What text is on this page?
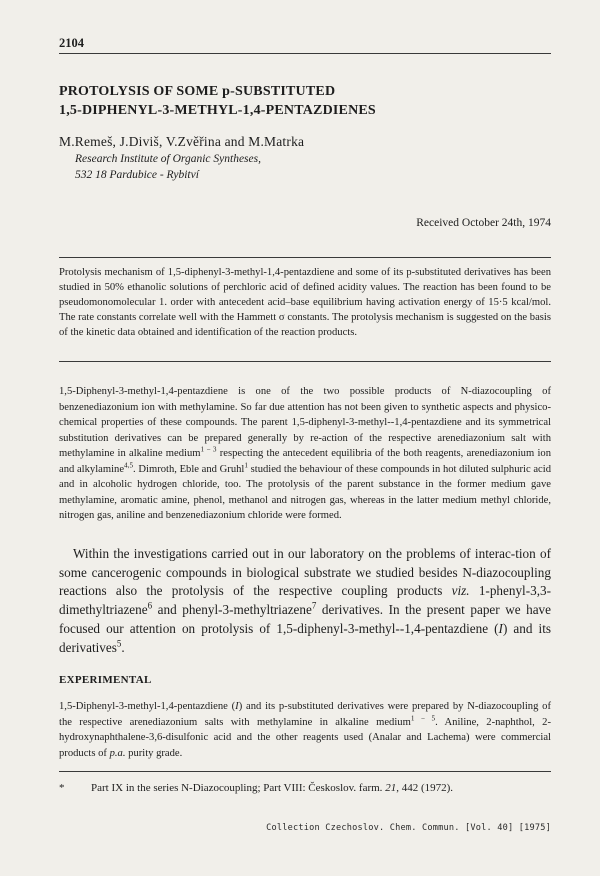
2104
PROTOLYSIS OF SOME p-SUBSTITUTED
1,5-DIPHENYL-3-METHYL-1,4-PENTAZDIENES
M.Remeš, J.Diviš, V.Zvěřina and M.Matrka
Research Institute of Organic Syntheses,
532 18 Pardubice - Rybitví
Received October 24th, 1974

Protolysis mechanism of 1,5-diphenyl-3-methyl-1,4-pentazdiene and some of its p-substituted derivatives has been studied in 50% ethanolic solutions of perchloric acid of defined acidity values. The reaction has been found to be pseudomonomolecular 1. order with antecedent acid–base equilibrium having activation energy of 15·5 kcal/mol. The rate constants correlate well with the Hammett σ constants. The protolysis mechanism is suggested on the basis of the kinetic data obtained and identification of the reaction products.

1,5-Diphenyl-3-methyl-1,4-pentazdiene is one of the two possible products of N-diazocoupling of benzenediazonium ion with methylamine. So far due attention has not been given to synthetic aspects and physico-chemical properties of these compounds. The parent 1,5-diphenyl-3-methyl--1,4-pentazdiene and its symmetrical substitution derivatives can be prepared generally by re-action of the respective arenediazonium salt with methylamine in alkaline medium$^{1 - 3}$ respecting the antecedent equilibria of the both reagents, arenediazonium ion and alkylamine$^{4,5}$. Dimroth, Eble and Gruhl$^1$ studied the behaviour of these compounds in hot diluted sulphuric acid and in alcoholic hydrogen chloride, too. The protolysis of the parent substance in the former medium gave methylamine, aromatic amine, phenol, methanol and nitrogen gas, whereas in the latter medium methyl chloride, nitrogen gas, aniline and benzenediazonium chloride were formed.

Within the investigations carried out in our laboratory on the problems of interac-tion of some cancerogenic compounds in biological substrate we studied besides N-diazocoupling reactions also the protolysis of the respective coupling products viz. 1-phenyl-3,3-dimethyltriazene$^6$ and phenyl-3-methyltriazene$^7$ derivatives. In the present paper we have focused our attention on protolysis of 1,5-diphenyl-3-methyl--1,4-pentazdiene (I) and its derivatives$^5$.

EXPERIMENTAL

1,5-Diphenyl-3-methyl-1,4-pentazdiene (I) and its p-substituted derivatives were prepared by N-diazocoupling of the respective arenediazonium salts with methylamine in alkaline medium$^{1 - 5}$. Aniline, 2-naphthol, 2-hydroxynaphthalene-3,6-disulfonic acid and the other reagents used (Analar and Lachema) were commercial products of p.a. purity grade.

* Part IX in the series N-Diazocoupling; Part VIII: Českoslov. farm. 21, 442 (1972).
Collection Czechoslov. Chem. Commun. [Vol. 40] [1975]
